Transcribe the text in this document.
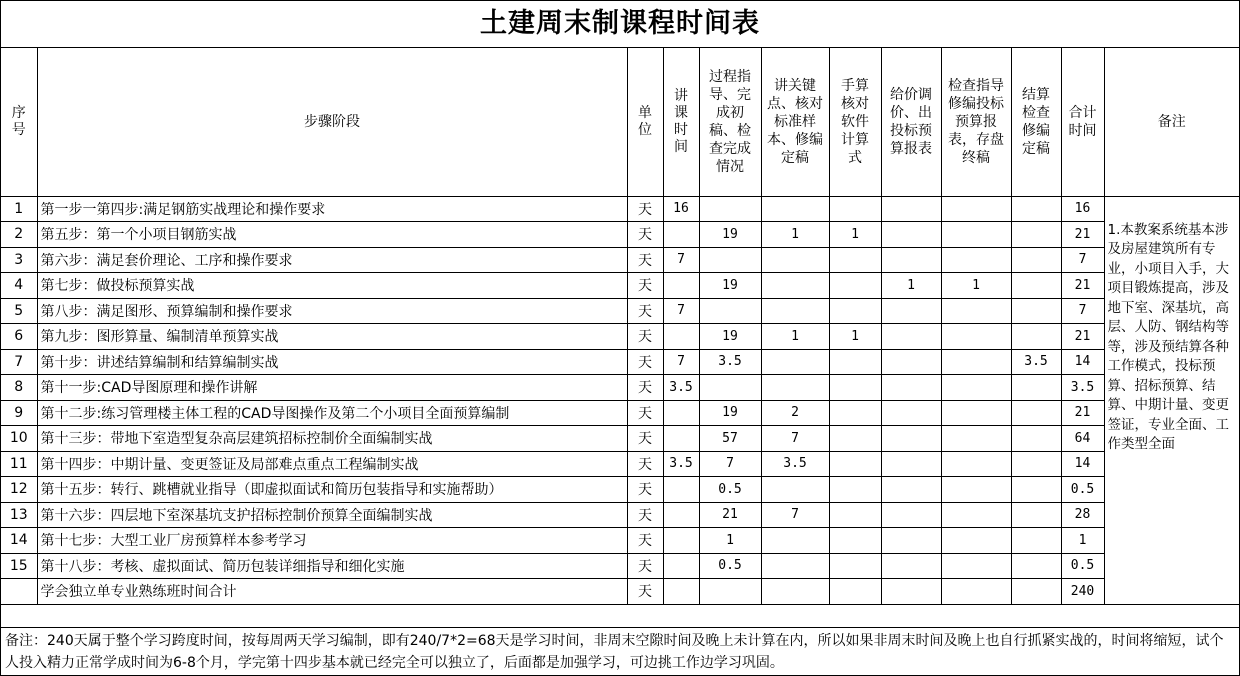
土建周末制课程时间表
序号	步骤阶段	单位	讲课时间	过程指导、完成初稿、检查完成情况	讲关键点、核对标准样本、修编定稿	手算核对软件计算式	给价调价、出投标预算报表	检查指导修编投标预算报表，存盘终稿	结算检查修编定稿	合计时间	备注
1	第一步一第四步:满足钢筋实战理论和操作要求	天	16							16	1.本教案系统基本涉及房屋建筑所有专业，小项目入手，大项目锻炼提高，涉及地下室、深基坑，高层、人防、钢结构等等，涉及预结算各种工作模式，投标预算、招标预算、结算、中期计量、变更签证，专业全面、工作类型全面
2	第五步：第一个小项目钢筋实战	天		19	1	1				21	
3	第六步：满足套价理论、工序和操作要求	天	7							7	
4	第七步：做投标预算实战	天		19			1	1		21	
5	第八步：满足图形、预算编制和操作要求	天	7							7	
6	第九步：图形算量、编制清单预算实战	天		19	1	1				21	
7	第十步：讲述结算编制和结算编制实战	天	7	3.5					3.5	14	
8	第十一步:CAD导图原理和操作讲解	天	3.5							3.5	
9	第十二步:练习管理楼主体工程的CAD导图操作及第二个小项目全面预算编制	天		19	2					21	
10	第十三步：带地下室造型复杂高层建筑招标控制价全面编制实战	天		57	7					64	
11	第十四步：中期计量、变更签证及局部难点重点工程编制实战	天	3.5	7	3.5					14	
12	第十五步：转行、跳槽就业指导（即虚拟面试和简历包装指导和实施帮助）	天		0.5						0.5	
13	第十六步：四层地下室深基坑支护招标控制价预算全面编制实战	天		21	7					28	
14	第十七步：大型工业厂房预算样本参考学习	天		1						1	
15	第十八步：考核、虚拟面试、简历包装详细指导和细化实施	天		0.5						0.5	
	学会独立单专业熟练班时间合计	天								240	
备注：240天属于整个学习跨度时间，按每周两天学习编制，即有240/7*2=68天是学习时间，非周末空隙时间及晚上未计算在内，所以如果非周末时间及晚上也自行抓紧实战的，时间将缩短，试个人投入精力正常学成时间为6-8个月，学完第十四步基本就已经完全可以独立了，后面都是加强学习，可边挑工作边学习巩固。
